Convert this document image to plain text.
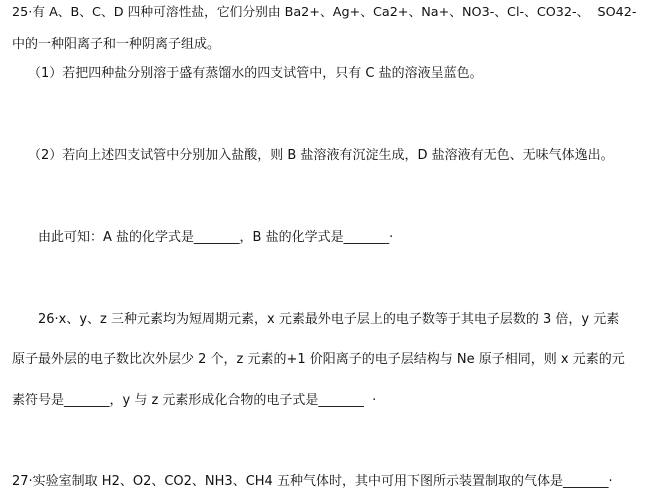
25·有 A、B、C、D 四种可溶性盐，它们分别由 Ba2+、Ag+、Ca2+、Na+、NO3-、Cl-、CO32-、  SO42-
中的一种阳离子和一种阴离子组成。
（1）若把四种盐分别溶于盛有蒸馏水的四支试管中，只有 C 盐的溶液呈蓝色。
（2）若向上述四支试管中分别加入盐酸，则 B 盐溶液有沉淀生成，D 盐溶液有无色、无味气体逸出。
由此可知：A 盐的化学式是_______，B 盐的化学式是_______·
26·x、y、z 三种元素均为短周期元素，x 元素最外电子层上的电子数等于其电子层数的 3 倍，y 元素
原子最外层的电子数比次外层少 2 个，z 元素的+1 价阳离子的电子层结构与 Ne 原子相同，则 x 元素的元
素符号是_______，y 与 z 元素形成化合物的电子式是_______  ·
27·实验室制取 H2、O2、CO2、NH3、CH4 五种气体时，其中可用下图所示装置制取的气体是_______·
